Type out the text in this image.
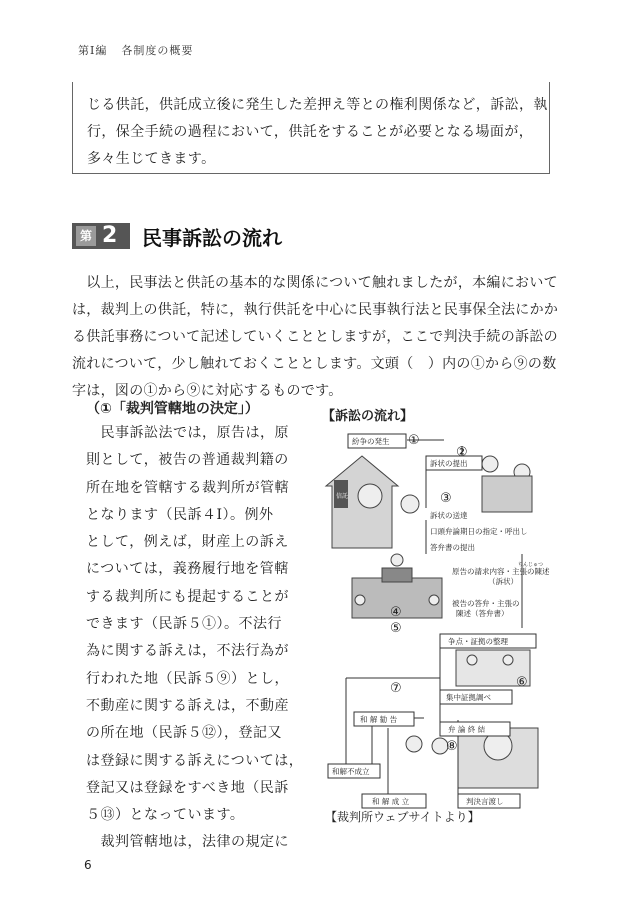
第Ⅰ編 各制度の概要

じる供託，供託成立後に発生した差押え等との権利関係など，訴訟，執

行，保全手続の過程において，供託をすることが必要となる場面が，

多々生じてきます。

第 2 民事訴訟の流れ
　以上，民事法と供託の基本的な関係について触れましたが，本編において
は，裁判上の供託，特に，執行供託を中心に民事執行法と民事保全法にかか
る供託事務について記述していくこととしますが，ここで判決手続の訴訟の
流れについて，少し触れておくこととします。文頭（　）内の①から⑨の数
字は，図の①から⑨に対応するものです。
（①「裁判管轄地の決定」）
　民事訴訟法では，原告は，原
則として，被告の普通裁判籍の
所在地を管轄する裁判所が管轄
となります（民訴４Ⅰ）。例外
として，例えば，財産上の訴え
については，義務履行地を管轄
する裁判所にも提起することが
できます（民訴５①）。不法行
為に関する訴えは，不法行為が
行われた地（民訴５⑨）とし，
不動産に関する訴えは，不動産
の所在地（民訴５⑫），登記又
は登録に関する訴えについては，
登記又は登録をすべき地（民訴
５⑬）となっています。
　裁判管轄地は，法律の規定に
【訴訟の流れ】
紛争の発生
訴状の提出
訴状の送達
口頭弁論期日の指定・呼出し
答弁書の提出
ちんじゅつ
原告の請求内容・主張の陳述
（訴状）
被告の答弁・主張の
陳述（答弁書）
争点・証拠の整理
集中証拠調べ
和 解 勧 告
弁 論 終 結
和解不成立
和 解 成 立	判決言渡し
信託
①
②
③
④
⑤
⑥
⑦
⑧
【裁判所ウェブサイトより】
6
